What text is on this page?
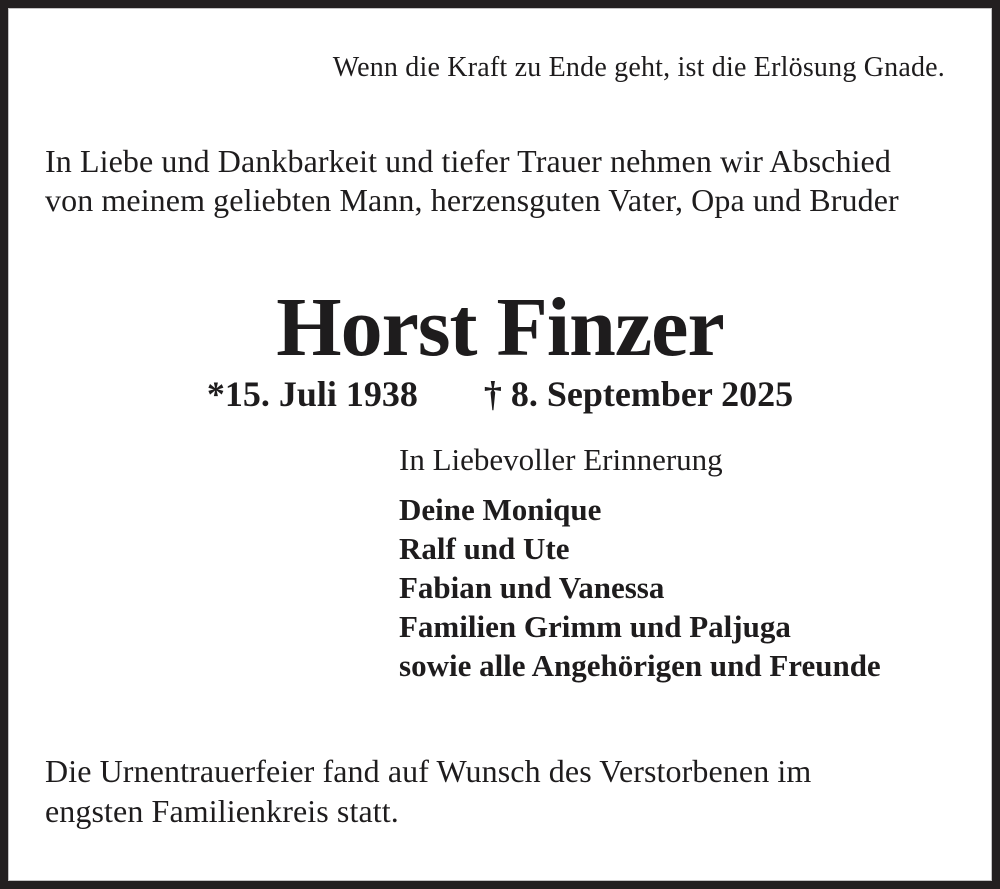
Wenn die Kraft zu Ende geht, ist die Erlösung Gnade.
In Liebe und Dankbarkeit und tiefer Trauer nehmen wir Abschied
von meinem geliebten Mann, herzensguten Vater, Opa und Bruder
Horst Finzer
*15. Juli 1938 † 8. September 2025
In Liebevoller Erinnerung
Deine Monique
Ralf und Ute
Fabian und Vanessa
Familien Grimm und Paljuga
sowie alle Angehörigen und Freunde
Die Urnentrauerfeier fand auf Wunsch des Verstorbenen im
engsten Familienkreis statt.
